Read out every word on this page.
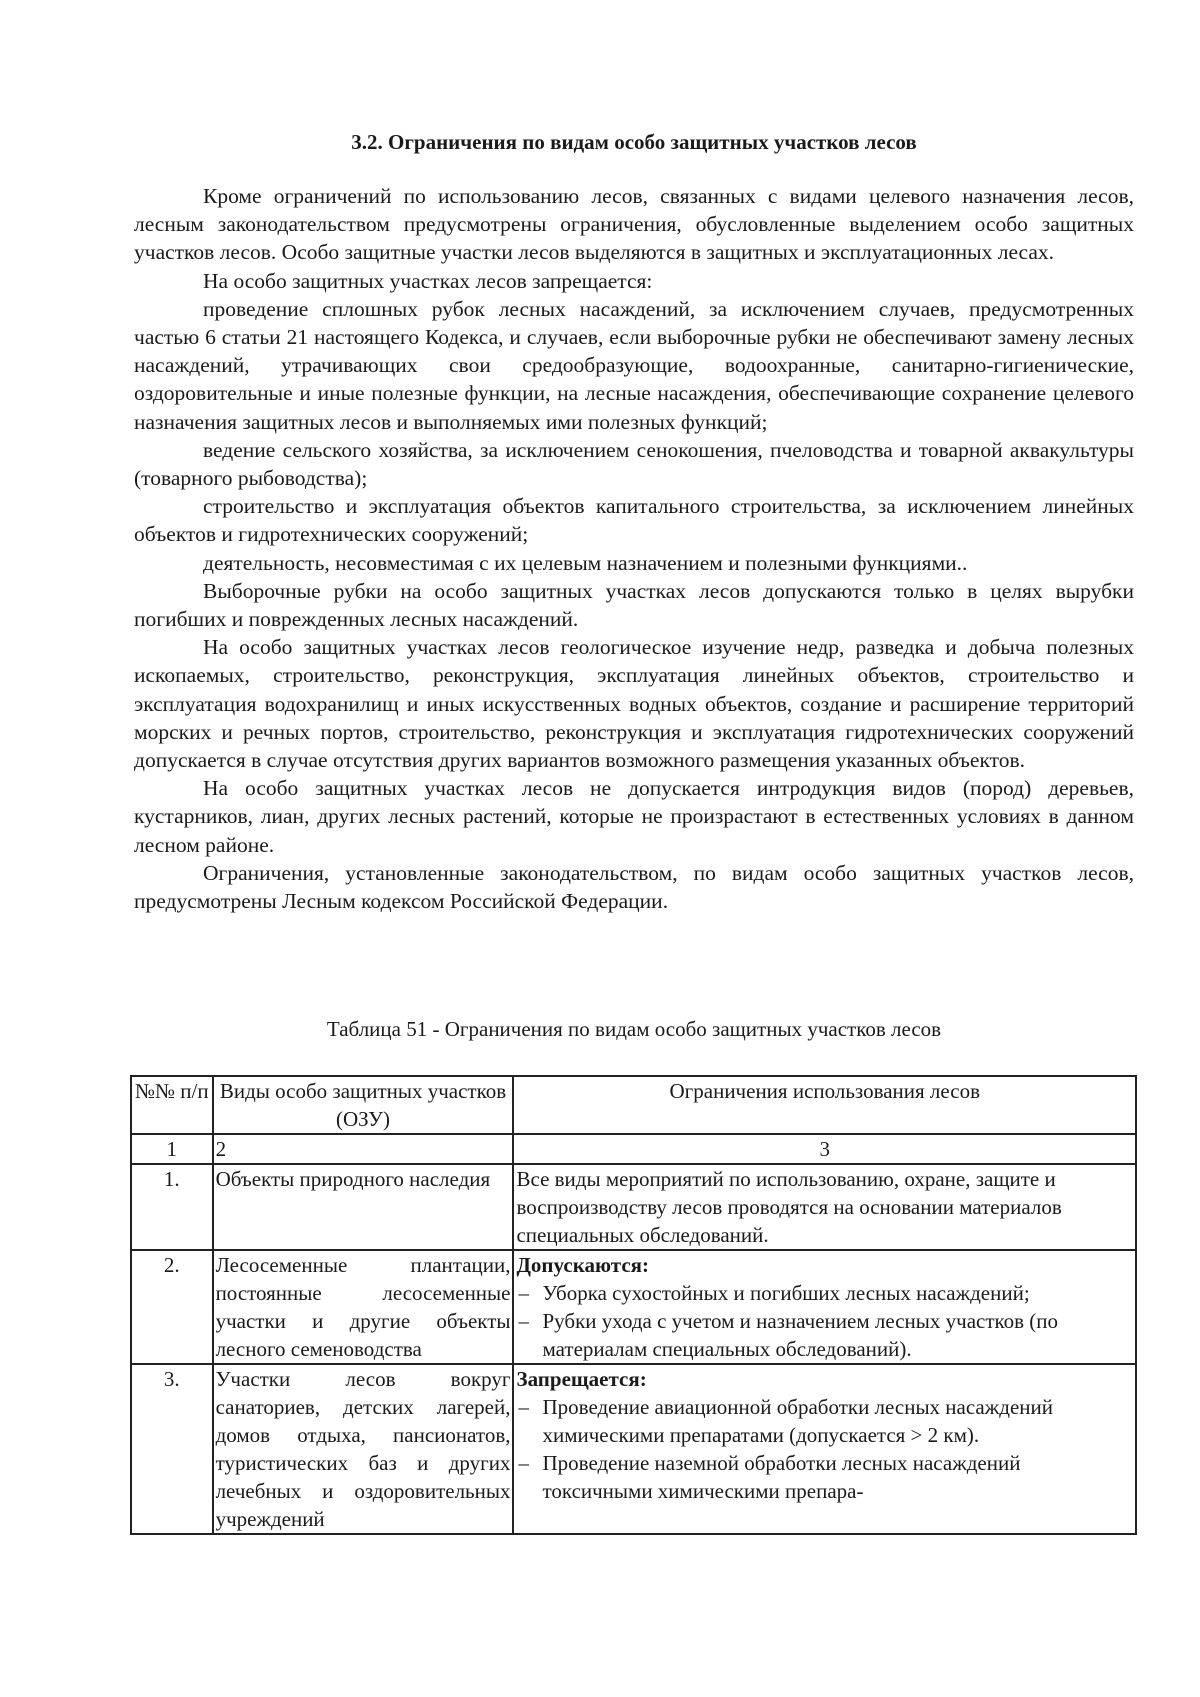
3.2. Ограничения по видам особо защитных участков лесов

Кроме ограничений по использованию лесов, связанных с видами целевого назначения лесов, лесным законодательством предусмотрены ограничения, обусловленные выделением особо защитных участков лесов. Особо защитные участки лесов выделяются в защитных и эксплуатационных лесах.

На особо защитных участках лесов запрещается:

проведение сплошных рубок лесных насаждений, за исключением случаев, предусмотренных частью 6 статьи 21 настоящего Кодекса, и случаев, если выборочные рубки не обеспечивают замену лесных насаждений, утрачивающих свои средообразующие, водоохранные, санитарно-гигиенические, оздоровительные и иные полезные функции, на лесные насаждения, обеспечивающие сохранение целевого назначения защитных лесов и выполняемых ими полезных функций;

ведение сельского хозяйства, за исключением сенокошения, пчеловодства и товарной аквакультуры (товарного рыбоводства);

строительство и эксплуатация объектов капитального строительства, за исключением линейных объектов и гидротехнических сооружений;

деятельность, несовместимая с их целевым назначением и полезными функциями..

Выборочные рубки на особо защитных участках лесов допускаются только в целях вырубки погибших и поврежденных лесных насаждений.

На особо защитных участках лесов геологическое изучение недр, разведка и добыча полезных ископаемых, строительство, реконструкция, эксплуатация линейных объектов, строительство и эксплуатация водохранилищ и иных искусственных водных объектов, создание и расширение территорий морских и речных портов, строительство, реконструкция и эксплуатация гидротехнических сооружений допускается в случае отсутствия других вариантов возможного размещения указанных объектов.

На особо защитных участках лесов не допускается интродукция видов (пород) деревьев, кустарников, лиан, других лесных растений, которые не произрастают в естественных условиях в данном лесном районе.

Ограничения, установленные законодательством, по видам особо защитных участков лесов, предусмотрены Лесным кодексом Российской Федерации.

Таблица 51 - Ограничения по видам особо защитных участков лесов
№№ п/п	Виды особо защитных участков (ОЗУ)	Ограничения использования лесов
1	2	3
1.	Объекты природного наследия	Все виды мероприятий по использованию, охране, защите и воспроизводству лесов проводятся на основании материалов специальных обследований.
2.	Лесосеменные плантации, постоянные лесосеменные участки и другие объекты лесного семеноводства	Допускаются:
– Уборка сухостойных и погибших лесных насаждений;
– Рубки ухода с учетом и назначением лесных участков (по материалам специальных обследований).

3.	Участки лесов вокруг санаториев, детских лагерей, домов отдыха, пансионатов, туристических баз и других лечебных и оздоровительных учреждений	Запрещается:
– Проведение авиационной обработки лесных насаждений химическими препаратами (допускается > 2 км).
– Проведение наземной обработки лесных насаждений токсичными химическими препара-
